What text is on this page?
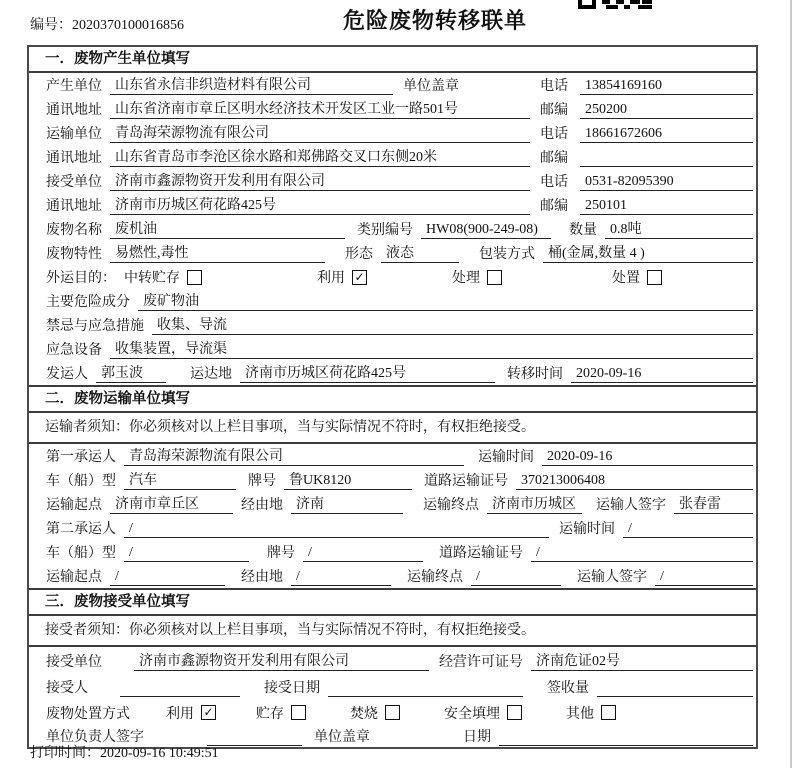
编号：2020370100016856	危险废物转移联单
一．废物产生单位填写
产生单位 山东省永信非织造材料有限公司	单位盖章	电话	13854169160
通讯地址 山东省济南市章丘区明水经济技术开发区工业一路501号	邮编	250200
运输单位 青岛海荣源物流有限公司	电话	18661672606
通讯地址 山东省青岛市李沧区徐水路和郑佛路交叉口东侧20米	邮编
接受单位 济南市鑫源物资开发利用有限公司	电话	0531-82095390
通讯地址 济南市历城区荷花路425号	邮编	250101
废物名称 废机油	类别编号 HW08(900-249-08)	数量 0.8吨
废物特性 易燃性,毒性	形态 液态	包装方式 桶(金属,数量 4 )
外运目的： 中转贮存	利用 ✓	处理	处置
主要危险成分 废矿物油
禁忌与应急措施 收集、导流
应急设备 收集装置，导流渠
发运人 郭玉波	运达地 济南市历城区荷花路425号	转移时间 2020-09-16
二．废物运输单位填写
运输者须知：你必须核对以上栏目事项，当与实际情况不符时，有权拒绝接受。
第一承运人 青岛海荣源物流有限公司	运输时间 2020-09-16
车（船）型 汽车	牌号 鲁UK8120	道路运输证号 370213006408
运输起点 济南市章丘区	经由地 济南	运输终点 济南市历城区	运输人签字 张春雷
第二承运人 /	运输时间 /
车（船）型 /	牌号 /	道路运输证号 /
运输起点 /	经由地 /	运输终点 /	运输人签字 /
三．废物接受单位填写
接受者须知：你必须核对以上栏目事项，当与实际情况不符时，有权拒绝接受。
接受单位	济南市鑫源物资开发利用有限公司	经营许可证号 济南危证02号
接受人	接受日期	签收量
废物处置方式	利用 ✓	贮存	焚烧	安全填埋	其他
单位负责人签字	单位盖章	日期
打印时间：2020-09-16 10:49:51
